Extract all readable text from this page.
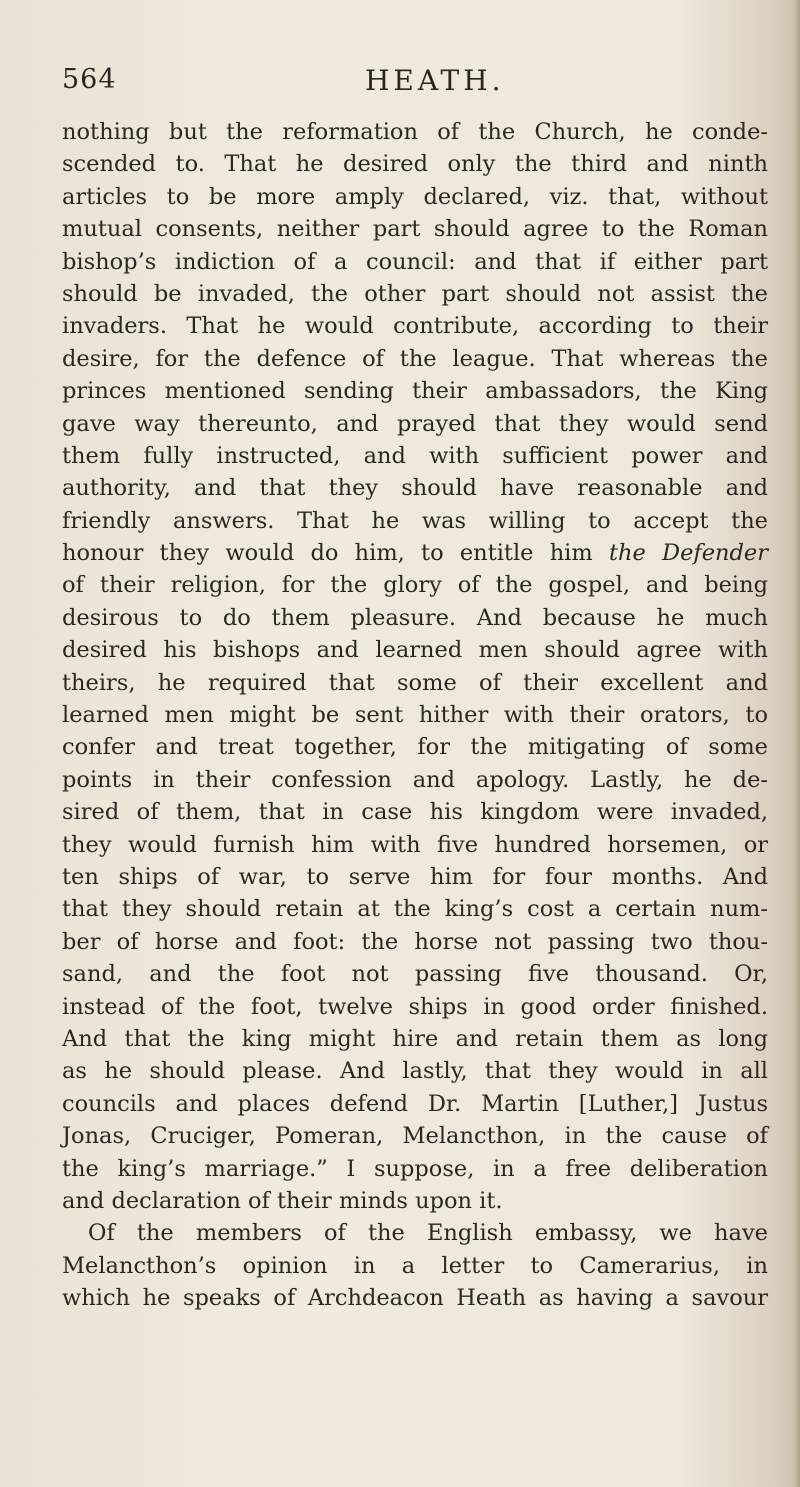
564	HEATH.
nothing but the reformation of the Church, he conde-
scended to. That he desired only the third and ninth
articles to be more amply declared, viz. that, without
mutual consents, neither part should agree to the Roman
bishop’s indiction of a council: and that if either part
should be invaded, the other part should not assist the
invaders. That he would contribute, according to their
desire, for the defence of the league. That whereas the
princes mentioned sending their ambassadors, the King
gave way thereunto, and prayed that they would send
them fully instructed, and with sufficient power and
authority, and that they should have reasonable and
friendly answers. That he was willing to accept the
honour they would do him, to entitle him the Defender
of their religion, for the glory of the gospel, and being
desirous to do them pleasure. And because he much
desired his bishops and learned men should agree with
theirs, he required that some of their excellent and
learned men might be sent hither with their orators, to
confer and treat together, for the mitigating of some
points in their confession and apology. Lastly, he de-
sired of them, that in case his kingdom were invaded,
they would furnish him with five hundred horsemen, or
ten ships of war, to serve him for four months. And
that they should retain at the king’s cost a certain num-
ber of horse and foot: the horse not passing two thou-
sand, and the foot not passing five thousand. Or,
instead of the foot, twelve ships in good order finished.
And that the king might hire and retain them as long
as he should please. And lastly, that they would in all
councils and places defend Dr. Martin [Luther,] Justus
Jonas, Cruciger, Pomeran, Melancthon, in the cause of
the king’s marriage.” I suppose, in a free deliberation
and declaration of their minds upon it.
Of the members of the English embassy, we have
Melancthon’s opinion in a letter to Camerarius, in
which he speaks of Archdeacon Heath as having a savour
